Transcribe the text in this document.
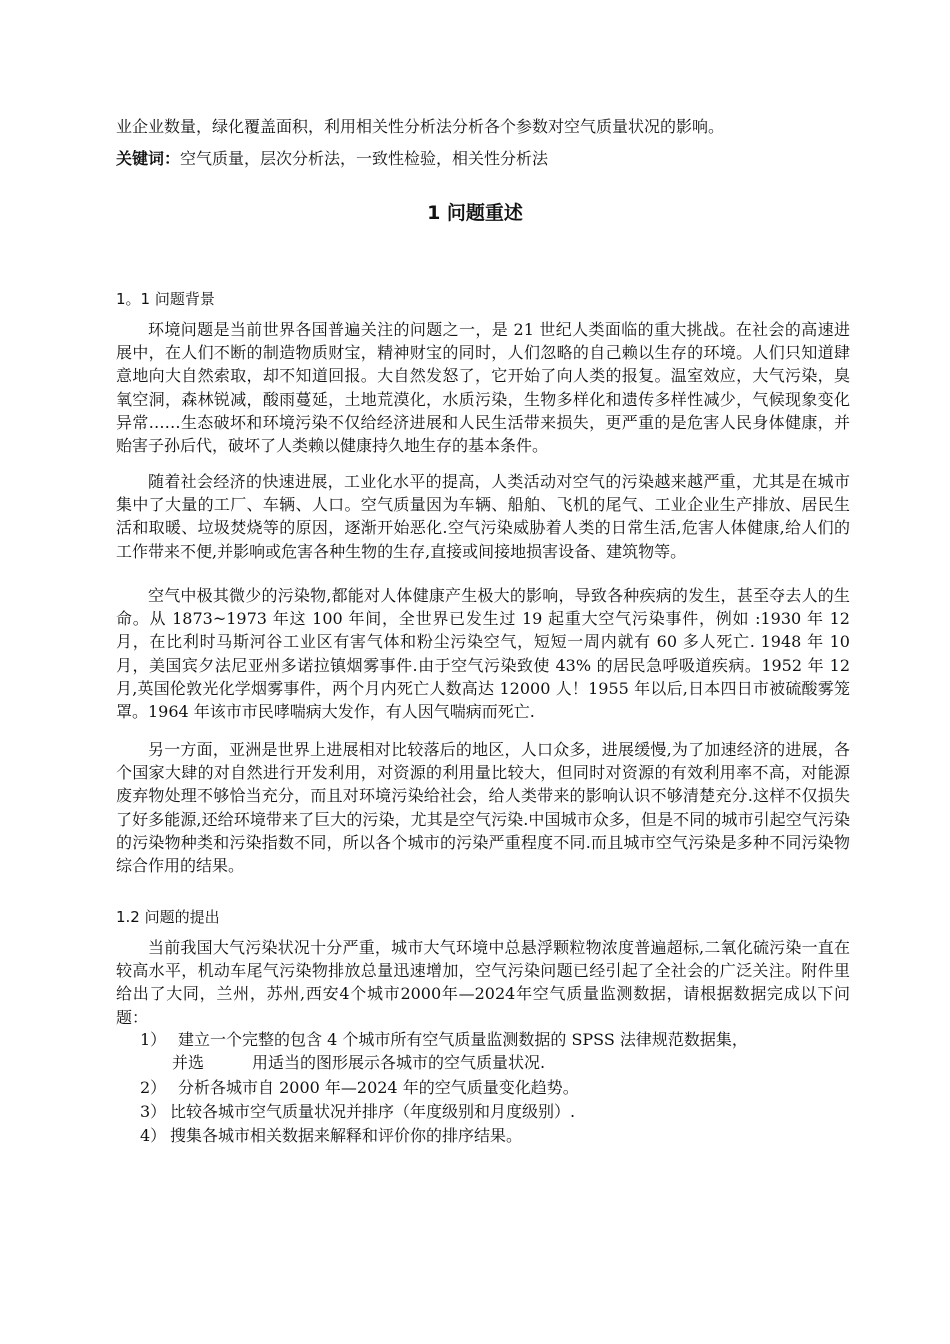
业企业数量，绿化覆盖面积，利用相关性分析法分析各个参数对空气质量状况的影响。
关键词：空气质量，层次分析法，一致性检验，相关性分析法
1 问题重述
1。1 问题背景
环境问题是当前世界各国普遍关注的问题之一，是 21 世纪人类面临的重大挑战。在社会的高速进展中，在人们不断的制造物质财宝，精神财宝的同时，人们忽略的自己赖以生存的环境。人们只知道肆意地向大自然索取，却不知道回报。大自然发怒了，它开始了向人类的报复。温室效应，大气污染，臭氧空洞，森林锐减，酸雨蔓延，土地荒漠化，水质污染，生物多样化和遗传多样性减少，气候现象变化异常……生态破坏和环境污染不仅给经济进展和人民生活带来损失，更严重的是危害人民身体健康，并贻害子孙后代，破坏了人类赖以健康持久地生存的基本条件。
随着社会经济的快速进展，工业化水平的提高，人类活动对空气的污染越来越严重，尤其是在城市集中了大量的工厂、车辆、人口。空气质量因为车辆、船舶、飞机的尾气、工业企业生产排放、居民生活和取暖、垃圾焚烧等的原因，逐渐开始恶化.空气污染威胁着人类的日常生活,危害人体健康,给人们的工作带来不便,并影响或危害各种生物的生存,直接或间接地损害设备、建筑物等。
空气中极其微少的污染物,都能对人体健康产生极大的影响，导致各种疾病的发生，甚至夺去人的生命。从 1873~1973 年这 100 年间，全世界已发生过 19 起重大空气污染事件，例如 :1930 年 12 月，在比利时马斯河谷工业区有害气体和粉尘污染空气，短短一周内就有 60 多人死亡. 1948 年 10 月，美国宾夕法尼亚州多诺拉镇烟雾事件.由于空气污染致使 43% 的居民急呼吸道疾病。1952 年 12 月,英国伦敦光化学烟雾事件，两个月内死亡人数高达 12000 人！1955 年以后,日本四日市被硫酸雾笼罩。1964 年该市市民哮喘病大发作，有人因气喘病而死亡.
另一方面，亚洲是世界上进展相对比较落后的地区，人口众多，进展缓慢,为了加速经济的进展，各个国家大肆的对自然进行开发利用，对资源的利用量比较大，但同时对资源的有效利用率不高，对能源废弃物处理不够恰当充分，而且对环境污染给社会，给人类带来的影响认识不够清楚充分.这样不仅损失了好多能源,还给环境带来了巨大的污染，尤其是空气污染.中国城市众多，但是不同的城市引起空气污染的污染物种类和污染指数不同，所以各个城市的污染严重程度不同.而且城市空气污染是多种不同污染物综合作用的结果。
1.2 问题的提出
当前我国大气污染状况十分严重，城市大气环境中总悬浮颗粒物浓度普遍超标,二氧化硫污染一直在较高水平，机动车尾气污染物排放总量迅速增加，空气污染问题已经引起了全社会的广泛关注。附件里给出了大同，兰州，苏州,西安4个城市2000年—2024年空气质量监测数据，请根据数据完成以下问题：
1） 建立一个完整的包含 4 个城市所有空气质量监测数据的 SPSS 法律规范数据集，
并选　　　用适当的图形展示各城市的空气质量状况.
2） 分析各城市自 2000 年—2024 年的空气质量变化趋势。
3） 比较各城市空气质量状况并排序（年度级别和月度级别）.
4） 搜集各城市相关数据来解释和评价你的排序结果。
